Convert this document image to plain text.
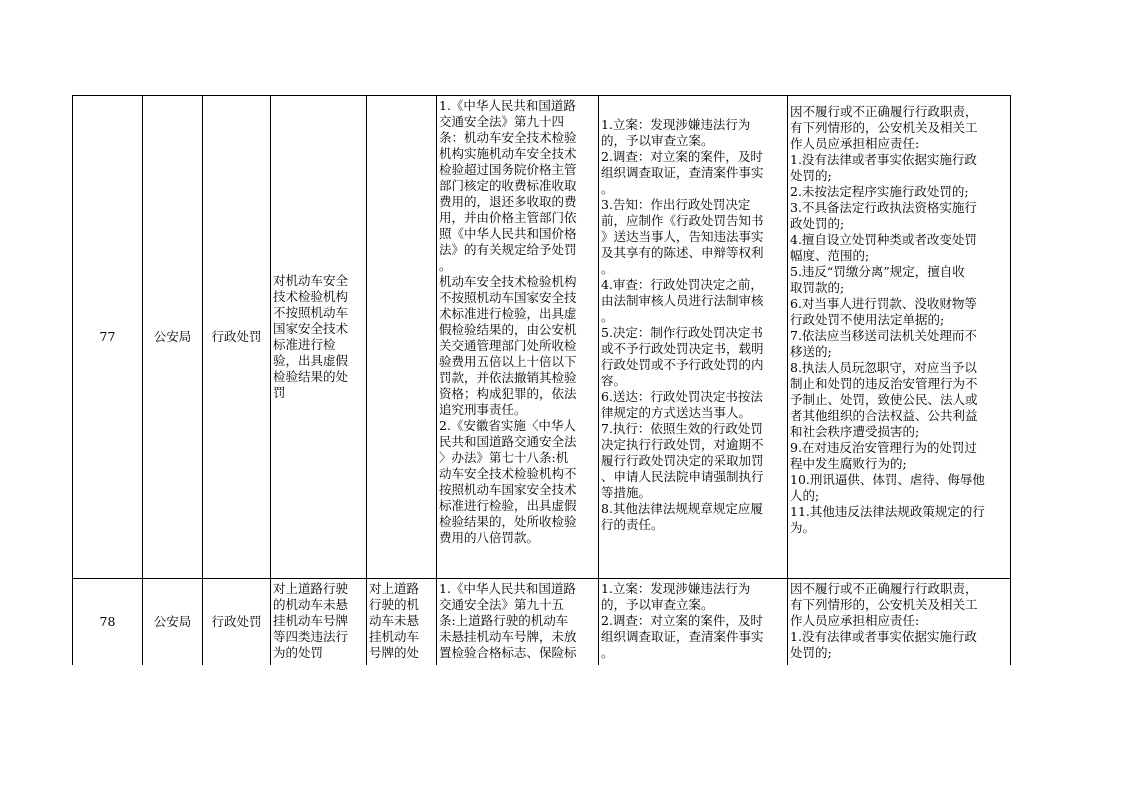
77	公安局 行政处罚
对机动车安全
技术检验机构
不按照机动车
国家安全技术
标准进行检
验，出具虚假
检验结果的处
罚
1.《中华人民共和国道路
交通安全法》第九十四
条：机动车安全技术检验
机构实施机动车安全技术
检验超过国务院价格主管
部门核定的收费标准收取
费用的，退还多收取的费
用，并由价格主管部门依
照《中华人民共和国价格
法》的有关规定给予处罚
。
机动车安全技术检验机构
不按照机动车国家安全技
术标准进行检验，出具虚
假检验结果的，由公安机
关交通管理部门处所收检
验费用五倍以上十倍以下
罚款，并依法撤销其检验
资格；构成犯罪的，依法
追究刑事责任。
2.《安徽省实施〈中华人
民共和国道路交通安全法
〉办法》第七十八条:机
动车安全技术检验机构不
按照机动车国家安全技术
标准进行检验，出具虚假
检验结果的，处所收检验
费用的八倍罚款。
1.立案：发现涉嫌违法行为
的，予以审查立案。
2.调查：对立案的案件，及时
组织调查取证，查清案件事实
。
3.告知：作出行政处罚决定
前，应制作《行政处罚告知书
》送达当事人，告知违法事实
及其享有的陈述、申辩等权利
。
4.审查：行政处罚决定之前，
由法制审核人员进行法制审核
。
5.决定：制作行政处罚决定书
或不予行政处罚决定书，载明
行政处罚或不予行政处罚的内
容。
6.送达：行政处罚决定书按法
律规定的方式送达当事人。
7.执行：依照生效的行政处罚
决定执行行政处罚，对逾期不
履行行政处罚决定的采取加罚
、申请人民法院申请强制执行
等措施。
8.其他法律法规规章规定应履
行的责任。
因不履行或不正确履行行政职责，
有下列情形的，公安机关及相关工
作人员应承担相应责任:
1.没有法律或者事实依据实施行政
处罚的;
2.未按法定程序实施行政处罚的;
3.不具备法定行政执法资格实施行
政处罚的;
4.擅自设立处罚种类或者改变处罚
幅度、范围的;
5.违反“罚缴分离”规定，擅自收
取罚款的;
6.对当事人进行罚款、没收财物等
行政处罚不使用法定单据的;
7.依法应当移送司法机关处理而不
移送的;
8.执法人员玩忽职守，对应当予以
制止和处罚的违反治安管理行为不
予制止、处罚，致使公民、法人或
者其他组织的合法权益、公共利益
和社会秩序遭受损害的;
9.在对违反治安管理行为的处罚过
程中发生腐败行为的;
10.刑讯逼供、体罚、虐待、侮辱他
人的;
11.其他违反法律法规政策规定的行
为。
78	公安局 行政处罚
对上道路行驶
的机动车未悬
挂机动车号牌
等四类违法行
为的处罚
对上道路
行驶的机
动车未悬
挂机动车
号牌的处
1.《中华人民共和国道路
交通安全法》第九十五
条:上道路行驶的机动车
未悬挂机动车号牌，未放
置检验合格标志、保险标
1.立案：发现涉嫌违法行为
的，予以审查立案。
2.调查：对立案的案件，及时
组织调查取证，查清案件事实
。
因不履行或不正确履行行政职责，
有下列情形的，公安机关及相关工
作人员应承担相应责任:
1.没有法律或者事实依据实施行政
处罚的;
